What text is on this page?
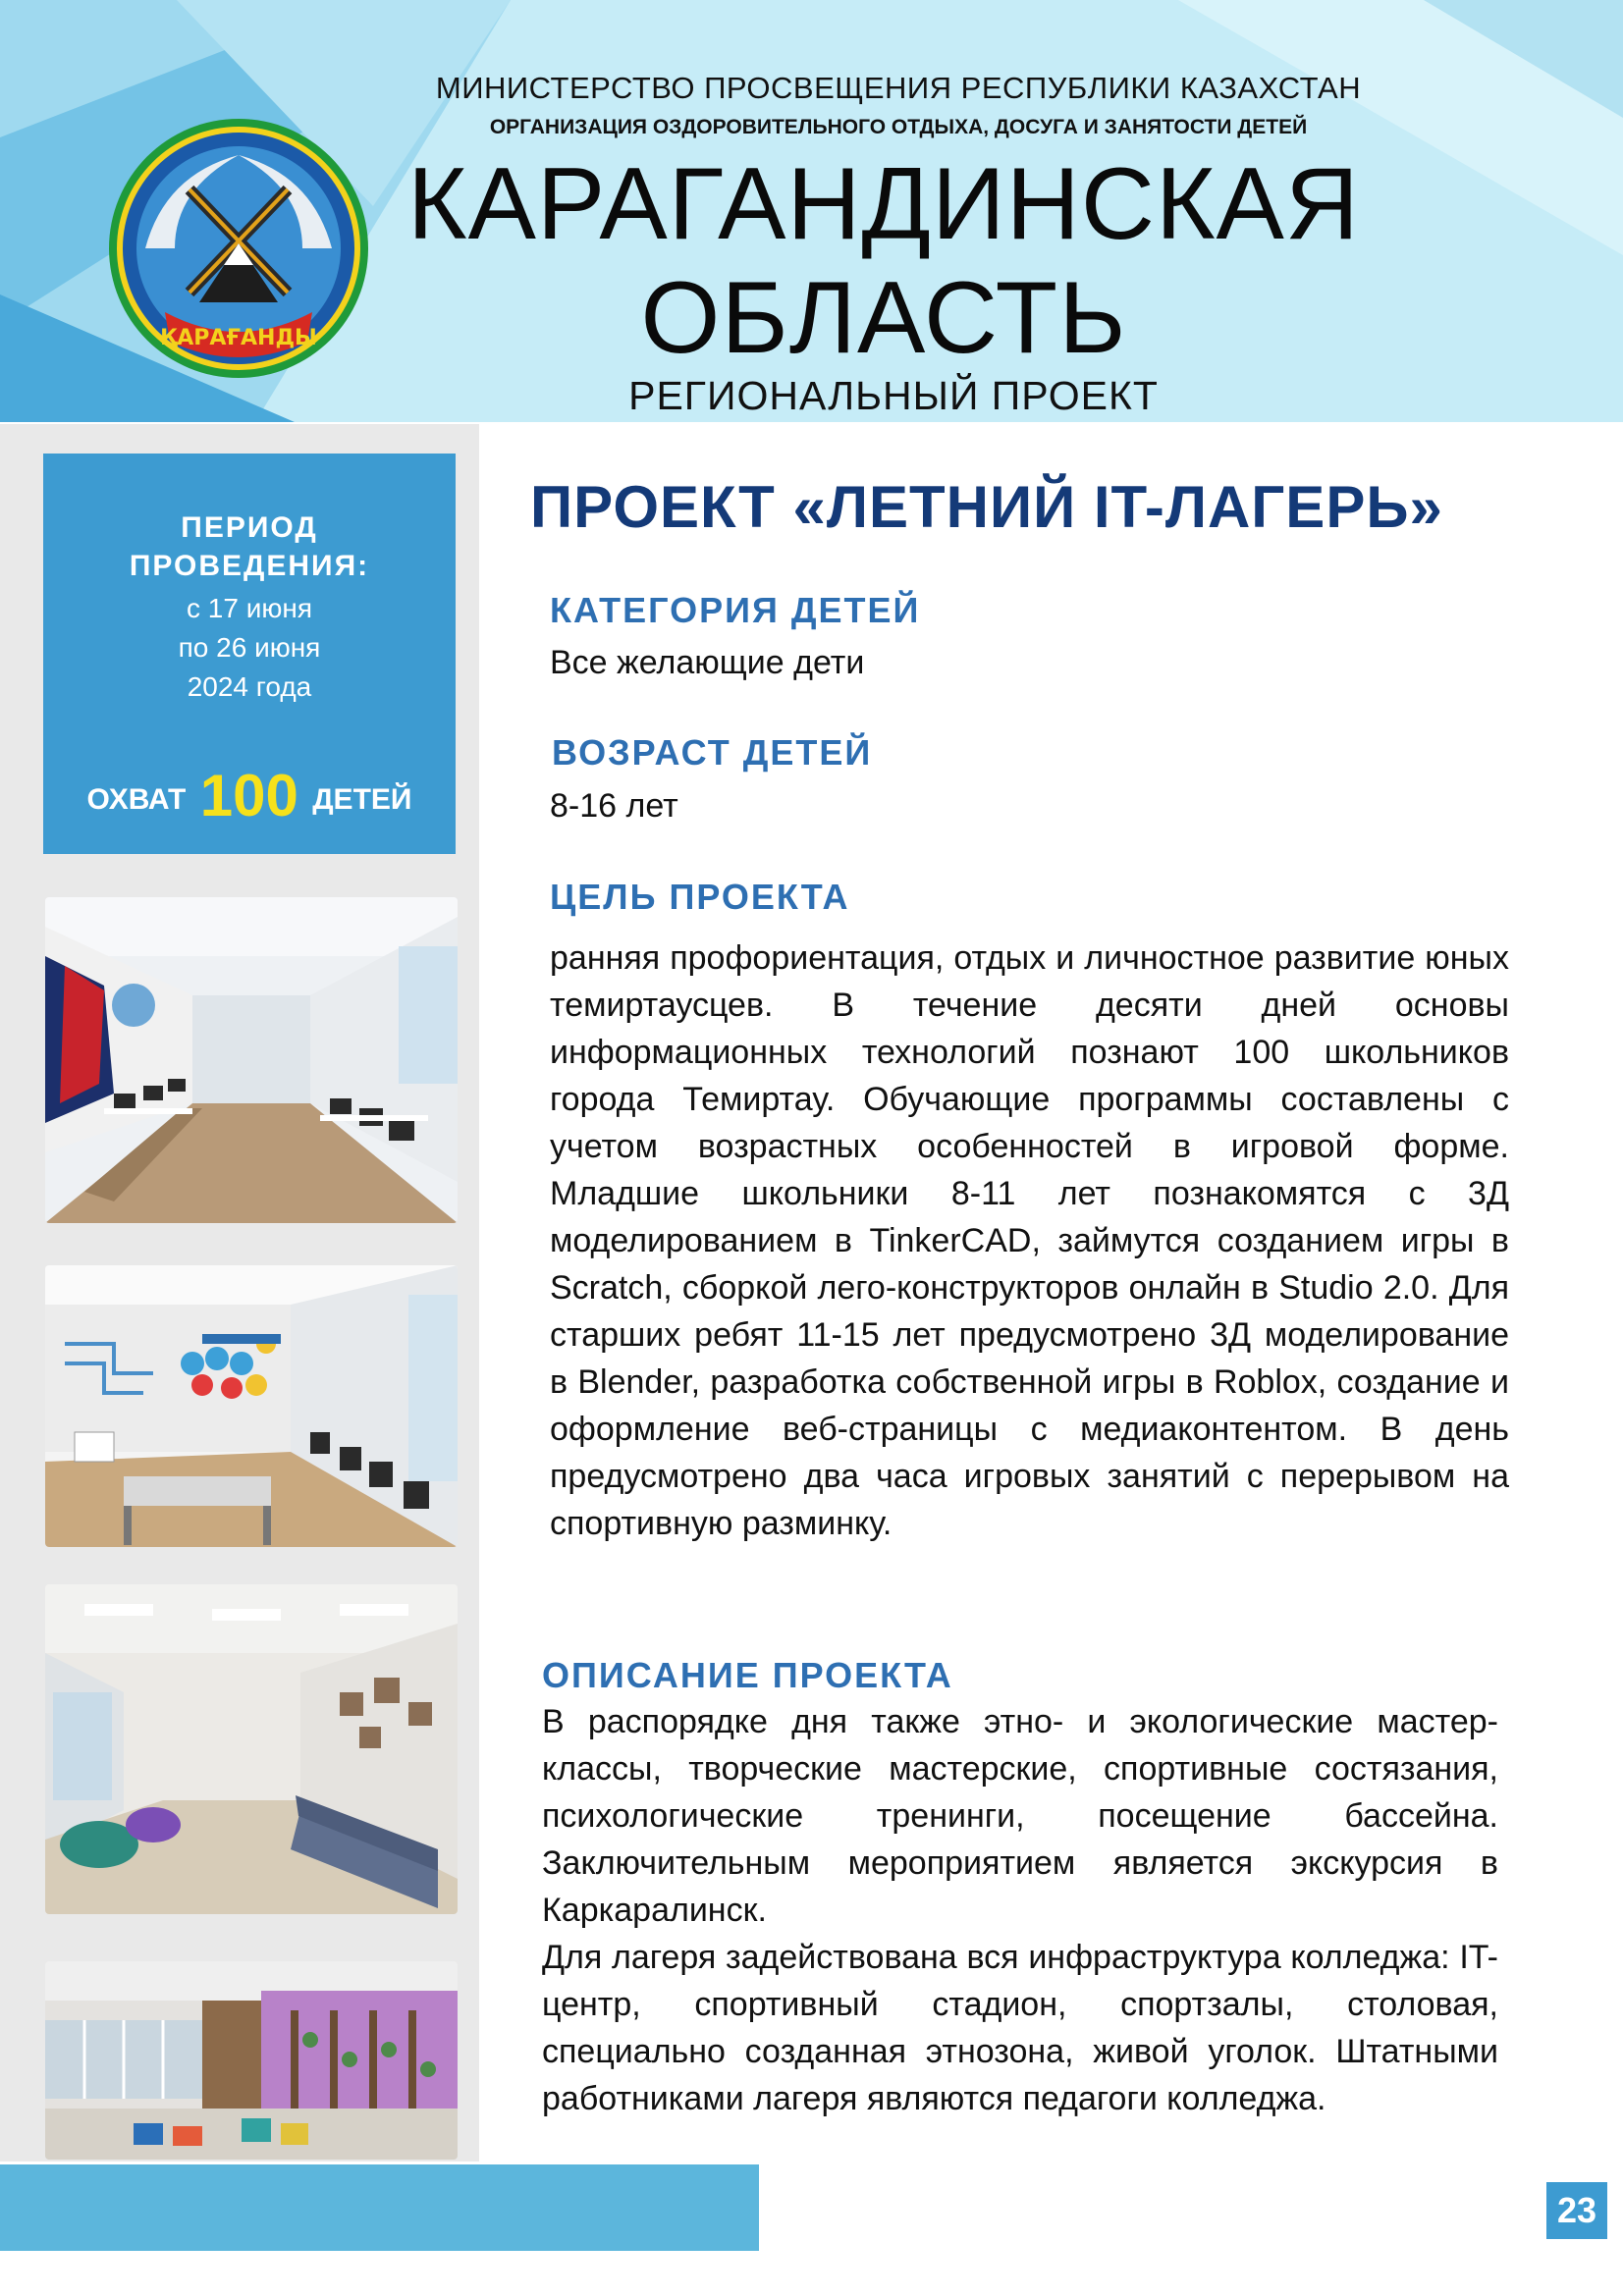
ҚАРАҒАНДЫ
МИНИСТЕРСТВО ПРОСВЕЩЕНИЯ РЕСПУБЛИКИ КАЗАХСТАН
ОРГАНИЗАЦИЯ ОЗДОРОВИТЕЛЬНОГО ОТДЫХА, ДОСУГА И ЗАНЯТОСТИ ДЕТЕЙ
КАРАГАНДИНСКАЯ
ОБЛАСТЬ
РЕГИОНАЛЬНЫЙ ПРОЕКТ
ПЕРИОД
ПРОВЕДЕНИЯ:
с 17 июня
по 26 июня
2024 года
ОХВАТ 100 ДЕТЕЙ
ПРОЕКТ «ЛЕТНИЙ IT-ЛАГЕРЬ»
КАТЕГОРИЯ ДЕТЕЙ
Все желающие дети
ВОЗРАСТ ДЕТЕЙ
8-16 лет
ЦЕЛЬ ПРОЕКТА
ранняя профориентация, отдых и личностное развитие юных темиртаусцев. В течение десяти дней основы информационных технологий познают 100 школьников города Темиртау. Обучающие программы составлены с учетом возрастных особенностей в игровой форме. Младшие школьники 8-11 лет познакомятся с 3Д моделированием в TinkerCAD, займутся созданием игры в Scratch, сборкой лего-конструкторов онлайн в Studio 2.0. Для старших ребят 11-15 лет предусмотрено 3Д моделирование в Blender, разработка собственной игры в Roblox, создание и оформление веб-страницы с медиаконтентом. В день предусмотрено два часа игровых занятий с перерывом на спортивную разминку.
ОПИСАНИЕ ПРОЕКТА
В распорядке дня также этно- и экологические мастер-классы, творческие мастерские, спортивные состязания, психологические тренинги, посещение бассейна. Заключительным мероприятием является экскурсия в Каркаралинск.
Для лагеря задействована вся инфраструктура колледжа: IT-центр, спортивный стадион, спортзалы, столовая, специально созданная этнозона, живой уголок. Штатными работниками лагеря являются педагоги колледжа.
23
